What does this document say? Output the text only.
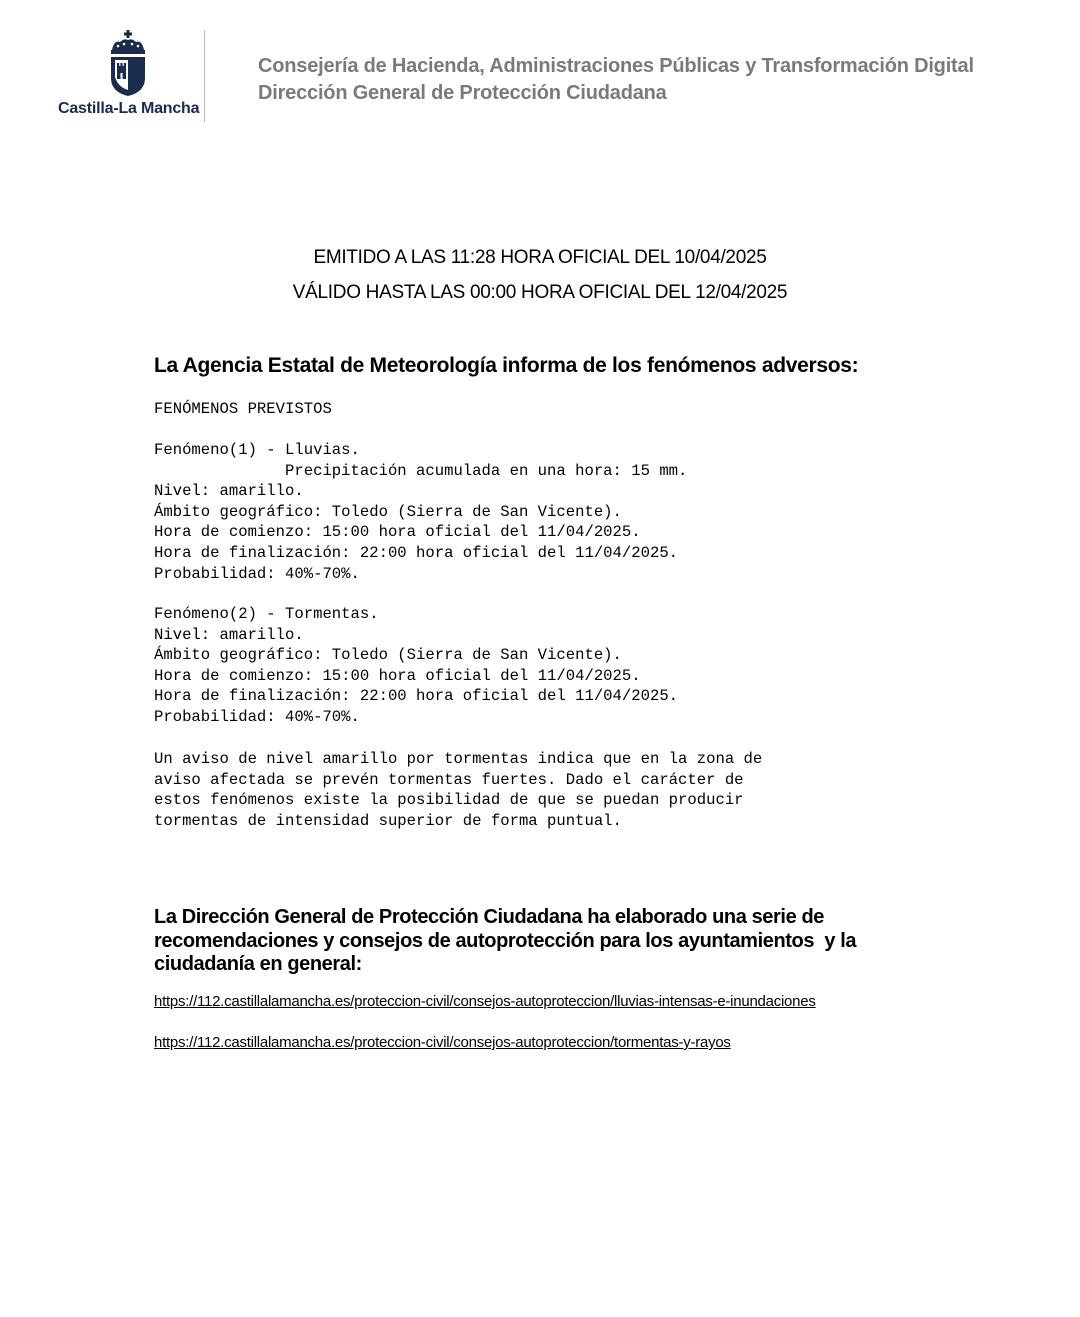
Castilla-La Mancha
Consejería de Hacienda, Administraciones Públicas y Transformación Digital
Dirección General de Protección Ciudadana
EMITIDO A LAS 11:28 HORA OFICIAL DEL 10/04/2025
VÁLIDO HASTA LAS 00:00 HORA OFICIAL DEL 12/04/2025
La Agencia Estatal de Meteorología informa de los fenómenos adversos:
FENÓMENOS PREVISTOS
Fenómeno(1) - Lluvias.
Precipitación acumulada en una hora: 15 mm.
Nivel: amarillo.
Ámbito geográfico: Toledo (Sierra de San Vicente).
Hora de comienzo: 15:00 hora oficial del 11/04/2025.
Hora de finalización: 22:00 hora oficial del 11/04/2025.
Probabilidad: 40%-70%.
Fenómeno(2) - Tormentas.
Nivel: amarillo.
Ámbito geográfico: Toledo (Sierra de San Vicente).
Hora de comienzo: 15:00 hora oficial del 11/04/2025.
Hora de finalización: 22:00 hora oficial del 11/04/2025.
Probabilidad: 40%-70%.
Un aviso de nivel amarillo por tormentas indica que en la zona de
aviso afectada se prevén tormentas fuertes. Dado el carácter de
estos fenómenos existe la posibilidad de que se puedan producir
tormentas de intensidad superior de forma puntual.
La Dirección General de Protección Ciudadana ha elaborado una serie de
recomendaciones y consejos de autoprotección para los ayuntamientos  y la
ciudadanía en general:
https://112.castillalamancha.es/proteccion-civil/consejos-autoproteccion/lluvias-intensas-e-inundaciones
https://112.castillalamancha.es/proteccion-civil/consejos-autoproteccion/tormentas-y-rayos
